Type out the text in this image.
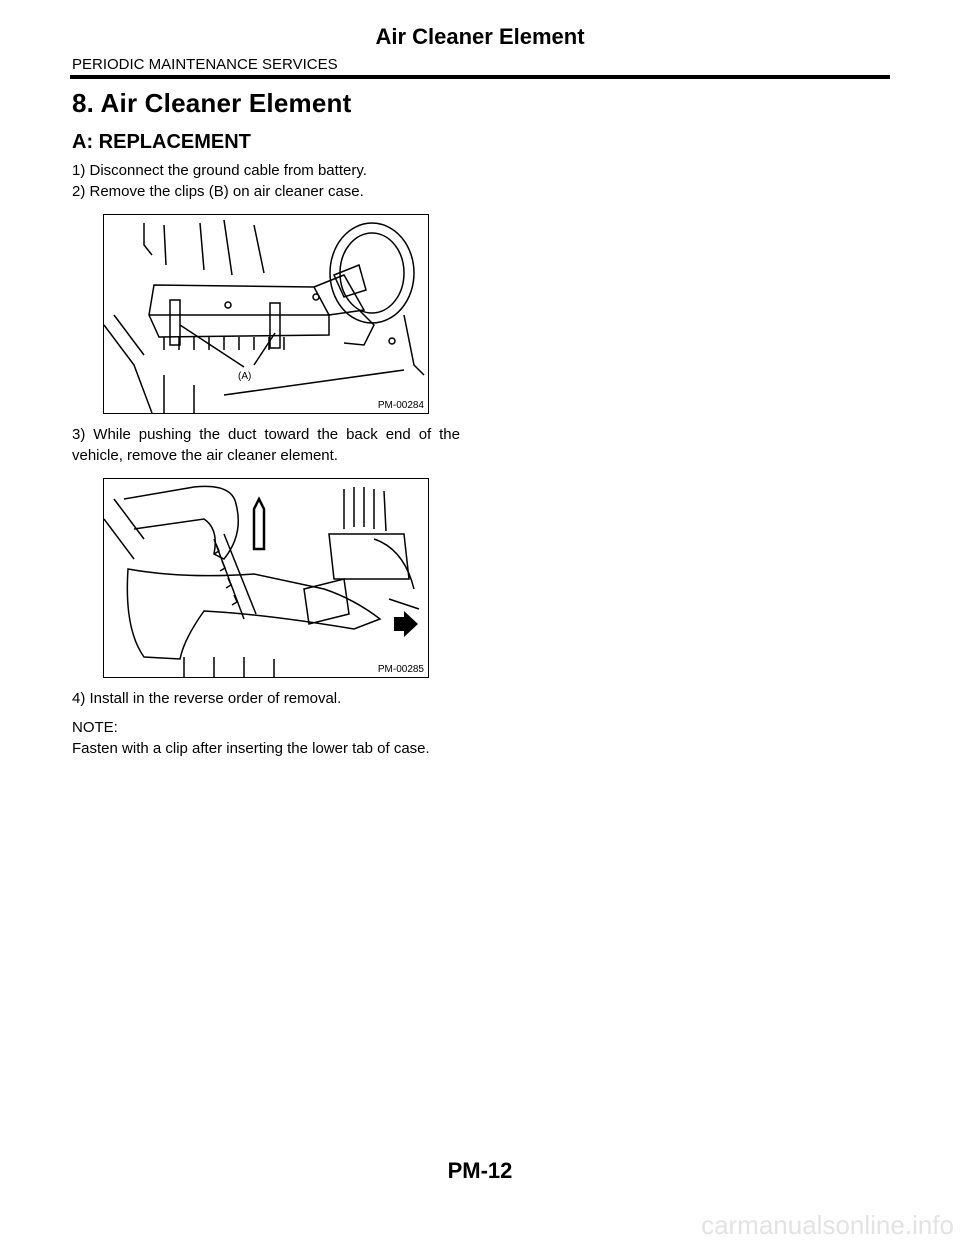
Air Cleaner Element
PERIODIC MAINTENANCE SERVICES
8. Air Cleaner Element
A: REPLACEMENT

1) Disconnect the ground cable from battery.

2) Remove the clips (B) on air cleaner case.

(A)
PM-00284

3) While pushing the duct toward the back end of the vehicle, remove the air cleaner element.

PM-00285

4) Install in the reverse order of removal.

NOTE:

Fasten with a clip after inserting the lower tab of case.

PM-12
carmanualsonline.info
